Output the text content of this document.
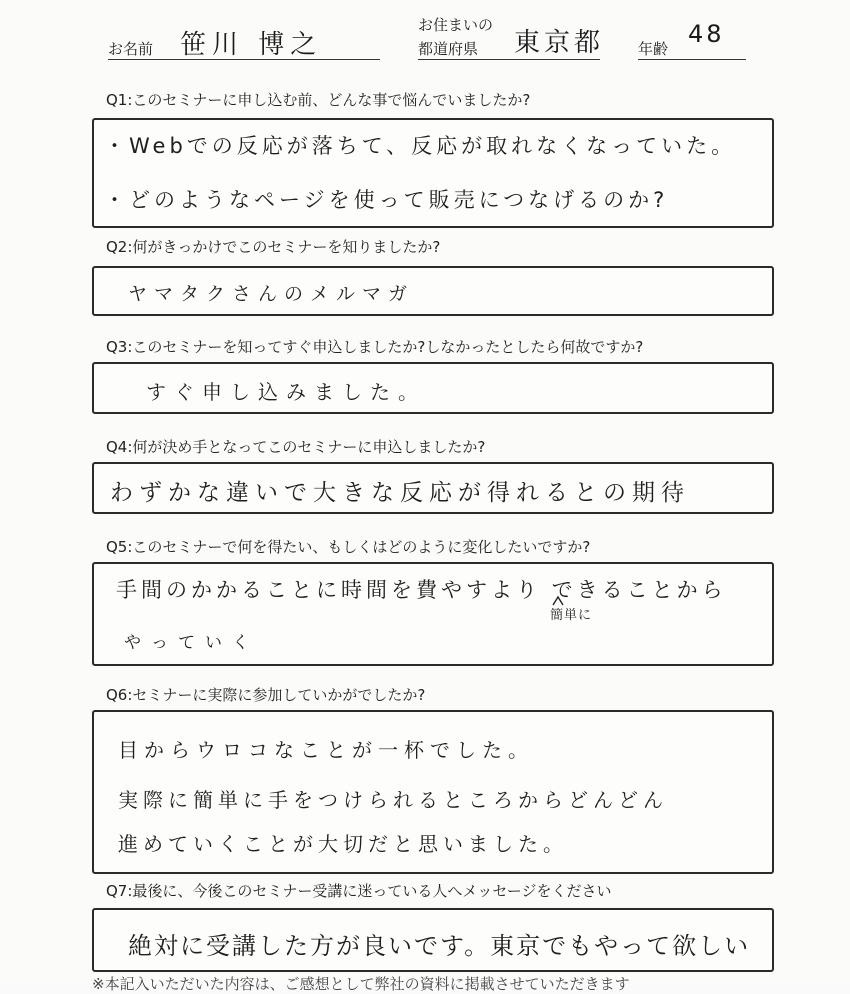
お名前 笹川 博之
お住まいの
都道府県 東京都 年齢
48
Q1:このセミナーに申し込む前、どんな事で悩んでいましたか?
・Webでの反応が落ちて、反応が取れなくなっていた。
・どのようなページを使って販売につなげるのか?
Q2:何がきっかけでこのセミナーを知りましたか?
ヤマタクさんのメルマガ
Q3:このセミナーを知ってすぐ申込しましたか?しなかったとしたら何故ですか?
すぐ申し込みました。
Q4:何が決め手となってこのセミナーに申込しましたか?
わずかな違いで大きな反応が得れるとの期待
Q5:このセミナーで何を得たい、もしくはどのように変化したいですか?
手間のかかることに時間を費やすより できることから
簡単に
やっていく
Q6:セミナーに実際に参加していかがでしたか?
目からウロコなことが一杯でした。
実際に簡単に手をつけられるところからどんどん
進めていくことが大切だと思いました。
Q7:最後に、今後このセミナー受講に迷っている人へメッセージをください
絶対に受講した方が良いです。東京でもやって欲しい
※本記入いただいた内容は、ご感想として弊社の資料に掲載させていただきます
